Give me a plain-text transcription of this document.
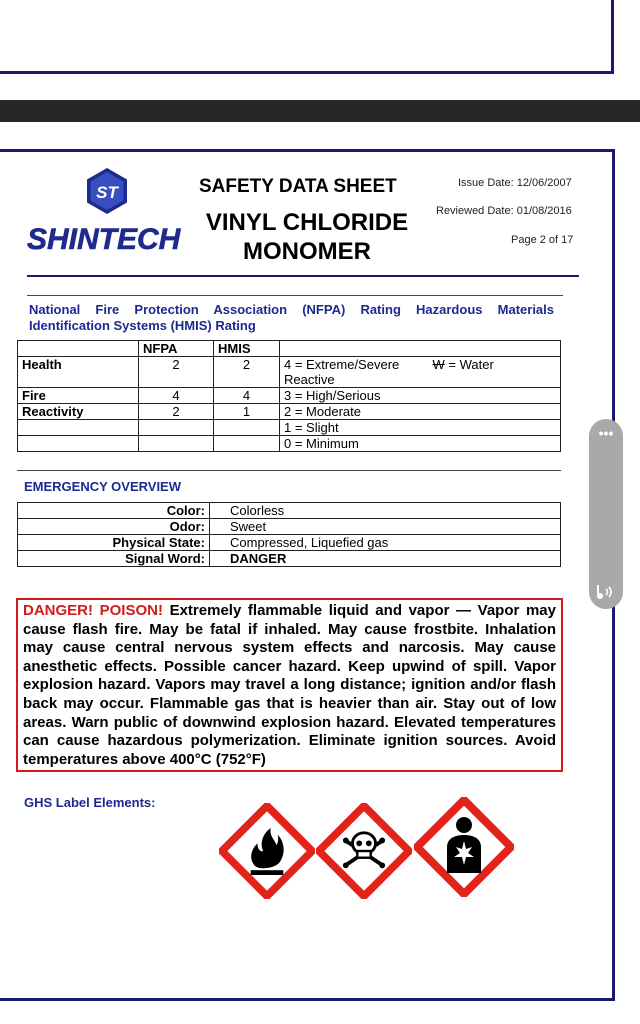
ST
SHINTECH
SAFETY DATA SHEET
VINYL CHLORIDE MONOMER
Issue Date: 12/06/2007
Reviewed Date: 01/08/2016
Page 2 of 17
National Fire Protection Association (NFPA) Rating Hazardous Materials Identification Systems (HMIS) Rating
	NFPA	HMIS	
Health	2	2	4 = Extreme/Severe W = Water
Reactive
Fire	4	4	3 = High/Serious
Reactivity	2	1	2 = Moderate
			1 = Slight
			0 = Minimum
EMERGENCY OVERVIEW
Color:	Colorless
Odor:	Sweet
Physical State:	Compressed, Liquefied gas
Signal Word:	DANGER
DANGER! POISON! Extremely flammable liquid and vapor — Vapor may cause flash fire. May be fatal if inhaled. May cause frostbite. Inhalation may cause central nervous system effects and narcosis. May cause anesthetic effects. Possible cancer hazard. Keep upwind of spill. Vapor explosion hazard. Vapors may travel a long distance; ignition and/or flash back may occur. Flammable gas that is heavier than air. Stay out of low areas. Warn public of downwind explosion hazard. Elevated temperatures can cause hazardous polymerization. Eliminate ignition sources. Avoid temperatures above 400°C (752°F)
GHS Label Elements:
•••
